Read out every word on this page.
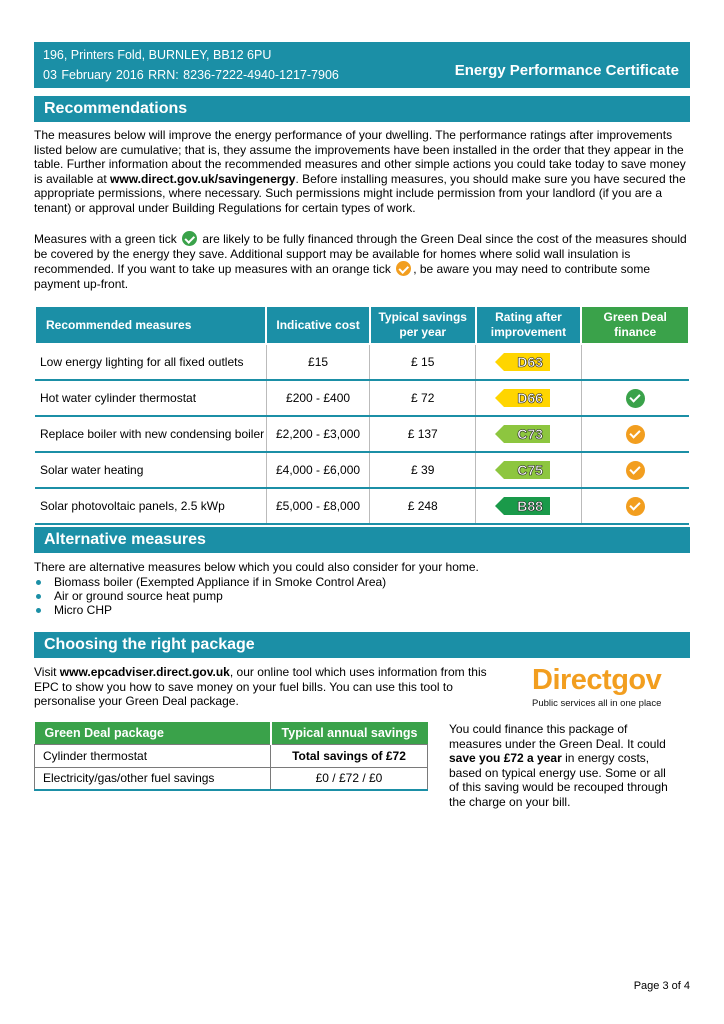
196, Printers Fold, BURNLEY, BB12 6PU
03 February 2016 RRN: 8236-7222-4940-1217-7906	Energy Performance Certificate
Recommendations
The measures below will improve the energy performance of your dwelling. The performance ratings after improvements listed below are cumulative; that is, they assume the improvements have been installed in the order that they appear in the table. Further information about the recommended measures and other simple actions you could take today to save money is available at www.direct.gov.uk/savingenergy. Before installing measures, you should make sure you have secured the appropriate permissions, where necessary. Such permissions might include permission from your landlord (if you are a tenant) or approval under Building Regulations for certain types of work.
Measures with a green tick are likely to be fully financed through the Green Deal since the cost of the measures should be covered by the energy they save. Additional support may be available for homes where solid wall insulation is recommended. If you want to take up measures with an orange tick , be aware you may need to contribute some payment up-front.
Recommended measures	Indicative cost	Typical savings per year	Rating after improvement	Green Deal finance
Low energy lighting for all fixed outlets	£15	£ 15	D63	

Hot water cylinder thermostat	£200 - £400	£ 72	D66	

Replace boiler with new condensing boiler	£2,200 - £3,000	£ 137	C73	

Solar water heating	£4,000 - £6,000	£ 39	C75	

Solar photovoltaic panels, 2.5 kWp	£5,000 - £8,000	£ 248	B88	

Alternative measures
There are alternative measures below which you could also consider for your home.
Biomass boiler (Exempted Appliance if in Smoke Control Area)
Air or ground source heat pump
Micro CHP
Choosing the right package
Visit www.epcadviser.direct.gov.uk, our online tool which uses information from this EPC to show you how to save money on your fuel bills. You can use this tool to personalise your Green Deal package.
Directgov
Public services all in one place
Green Deal package	Typical annual savings
Cylinder thermostat	Total savings of £72
Electricity/gas/other fuel savings	£0 / £72 / £0
You could finance this package of measures under the Green Deal. It could save you £72 a year in energy costs, based on typical energy use. Some or all of this saving would be recouped through the charge on your bill.
Page 3 of 4
